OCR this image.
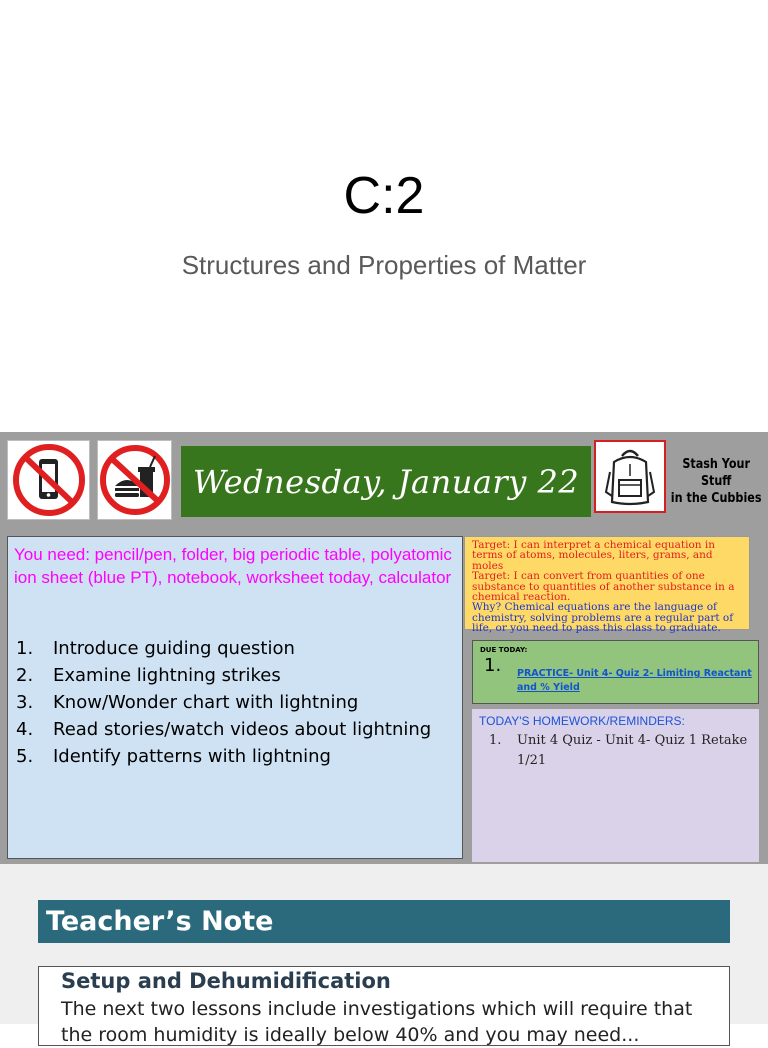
C:2
Structures and Properties of Matter
Wednesday, January 22	Stash Your Stuff
in the Cubbies
You need: pencil/pen, folder, big periodic table, polyatomic ion sheet (blue PT), notebook, worksheet today, calculator
1.	Introduce guiding question
2.	Examine lightning strikes
3.	Know/Wonder chart with lightning
4.	Read stories/watch videos about lightning
5.	Identify patterns with lightning
Target: I can interpret a chemical equation in terms of atoms, molecules, liters, grams, and moles
Target: I can convert from quantities of one substance to quantities of another substance in a chemical reaction.
Why? Chemical equations are the language of chemistry, solving problems are a regular part of life, or you need to pass this class to graduate.
DUE TODAY:
1. PRACTICE- Unit 4- Quiz 2- Limiting Reactant and % Yield
TODAY'S HOMEWORK/REMINDERS:
1.	Unit 4 Quiz - Unit 4- Quiz 1 Retake 1/21
Teacher’s Note
Setup and Dehumidification
The next two lessons include investigations which will require that the room humidity is ideally below 40% and you may need...
